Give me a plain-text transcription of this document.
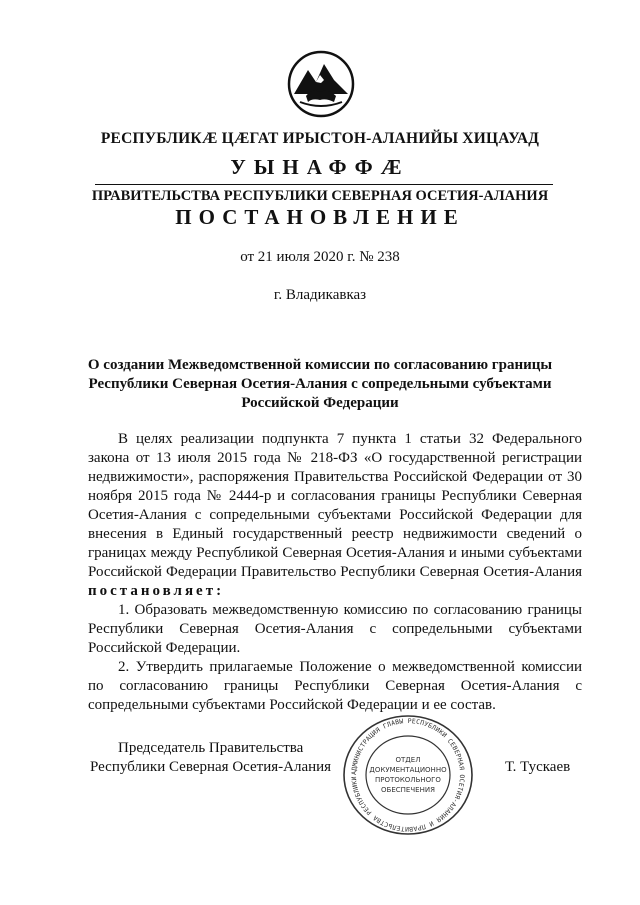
РЕСПУБЛИКӔ ЦӔГАТ ИРЫСТОН-АЛАНИЙЫ ХИЦАУАД
УЫНАФФӔ
ПРАВИТЕЛЬСТВА РЕСПУБЛИКИ СЕВЕРНАЯ ОСЕТИЯ-АЛАНИЯ
ПОСТАНОВЛЕНИЕ
от 21 июля 2020 г. № 238
г. Владикавказ
О создании Межведомственной комиссии по согласованию границы Республики Северная Осетия-Алания с сопредельными субъектами Российской Федерации

В целях реализации подпункта 7 пункта 1 статьи 32 Федерального закона от 13 июля 2015 года № 218-ФЗ «О государственной регистрации недвижимости», распоряжения Правительства Российской Федерации от 30 ноября 2015 года № 2444-р и согласования границы Республики Северная Осетия-Алания с сопредельными субъектами Российской Федерации для внесения в Единый государственный реестр недвижимости сведений о границах между Республикой Северная Осетия-Алания и иными субъектами Российской Федерации Правительство Республики Северная Осетия-Алания постановляет:

1. Образовать межведомственную комиссию по согласованию границы Республики Северная Осетия-Алания с сопредельными субъектами Российской Федерации.

2. Утвердить прилагаемые Положение о межведомственной комиссии по согласованию границы Республики Северная Осетия-Алания с сопредельными субъектами Российской Федерации и ее состав.

Председатель Правительства
Республики Северная Осетия-Алания	АДМИНИСТРАЦИЯ ГЛАВЫ РЕСПУБЛИКИ СЕВЕРНАЯ ОСЕТИЯ-АЛАНИЯ И ПРАВИТЕЛЬСТВА РЕСПУБЛИКИ
ОТДЕЛ
ДОКУМЕНТАЦИОННО
ПРОТОКОЛЬНОГО
ОБЕСПЕЧЕНИЯ
Т. Тускаев
